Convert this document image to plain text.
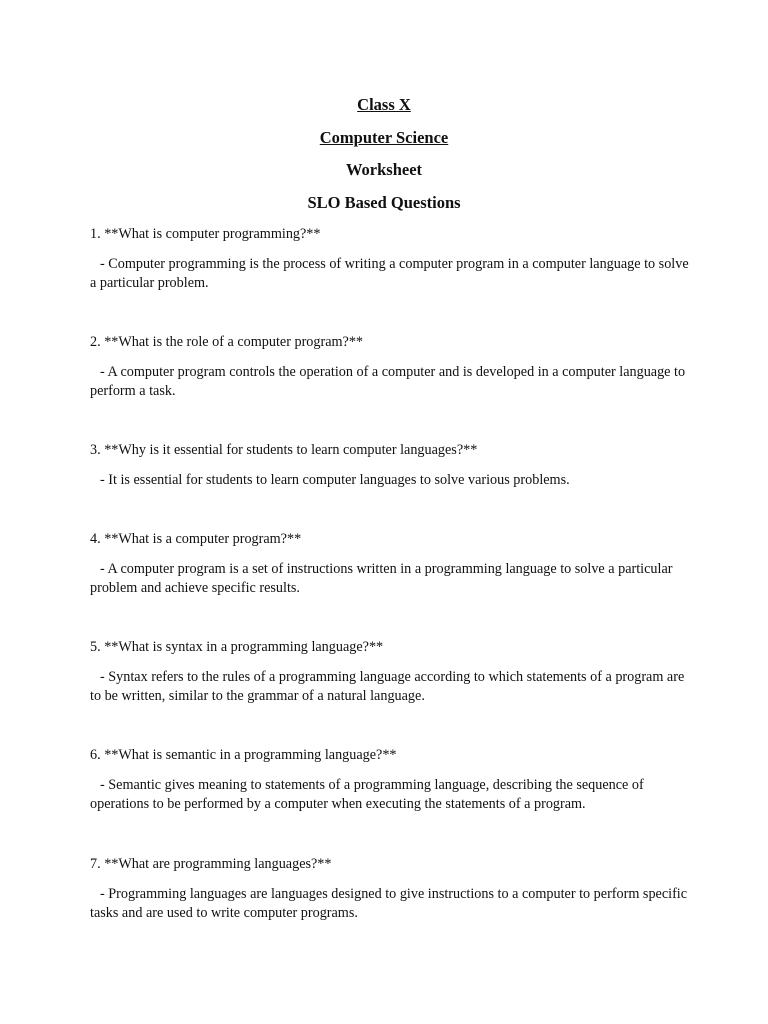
Class X

Computer Science

Worksheet

SLO Based Questions

1. **What is computer programming?**

- Computer programming is the process of writing a computer program in a computer language to solve a particular problem.

2. **What is the role of a computer program?**

- A computer program controls the operation of a computer and is developed in a computer language to perform a task.

3. **Why is it essential for students to learn computer languages?**

- It is essential for students to learn computer languages to solve various problems.

4. **What is a computer program?**

- A computer program is a set of instructions written in a programming language to solve a particular problem and achieve specific results.

5. **What is syntax in a programming language?**

- Syntax refers to the rules of a programming language according to which statements of a program are to be written, similar to the grammar of a natural language.

6. **What is semantic in a programming language?**

- Semantic gives meaning to statements of a programming language, describing the sequence of operations to be performed by a computer when executing the statements of a program.

7. **What are programming languages?**

- Programming languages are languages designed to give instructions to a computer to perform specific tasks and are used to write computer programs.
